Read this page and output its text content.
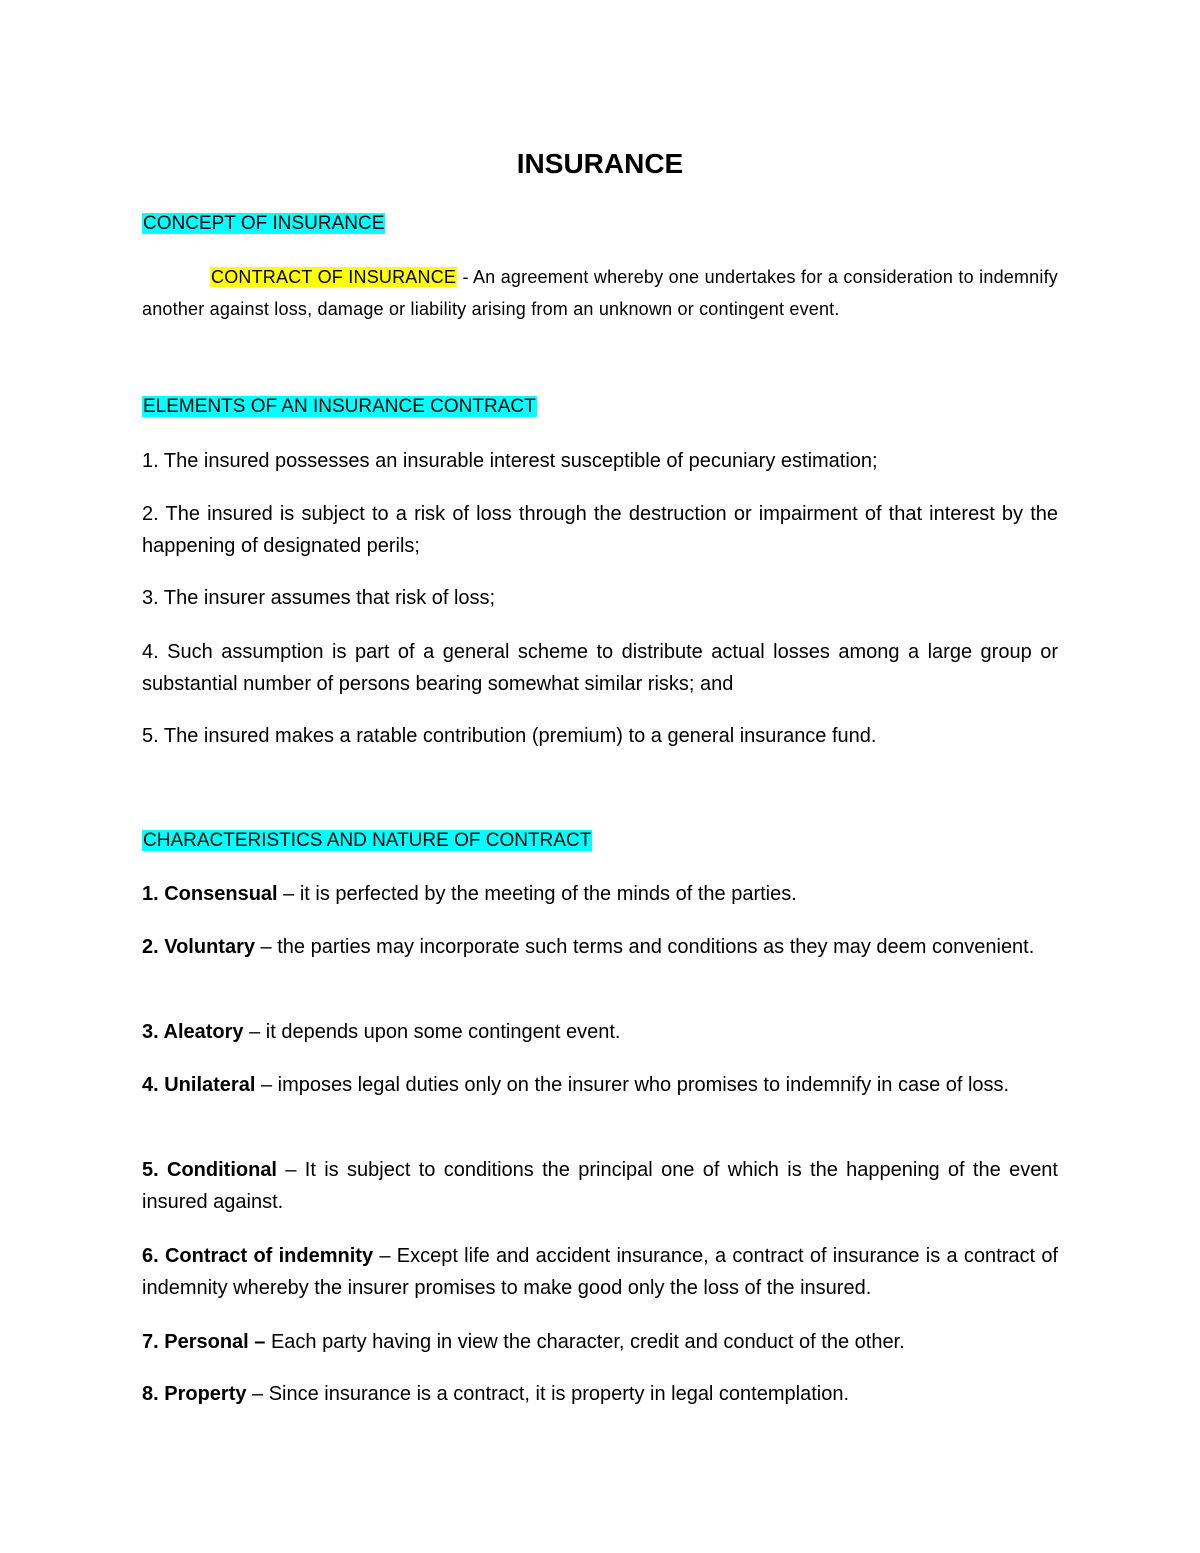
INSURANCE
CONCEPT OF INSURANCE
CONTRACT OF INSURANCE - An agreement whereby one undertakes for a consideration to indemnify another against loss, damage or liability arising from an unknown or contingent event.
ELEMENTS OF AN INSURANCE CONTRACT
1. The insured possesses an insurable interest susceptible of pecuniary estimation;
2. The insured is subject to a risk of loss through the destruction or impairment of that interest by the happening of designated perils;
3. The insurer assumes that risk of loss;
4. Such assumption is part of a general scheme to distribute actual losses among a large group or substantial number of persons bearing somewhat similar risks; and
5. The insured makes a ratable contribution (premium) to a general insurance fund.
CHARACTERISTICS AND NATURE OF CONTRACT
1. Consensual – it is perfected by the meeting of the minds of the parties.
2. Voluntary – the parties may incorporate such terms and conditions as they may deem convenient.
3. Aleatory – it depends upon some contingent event.
4. Unilateral – imposes legal duties only on the insurer who promises to indemnify in case of loss.
5. Conditional – It is subject to conditions the principal one of which is the happening of the event insured against.
6. Contract of indemnity – Except life and accident insurance, a contract of insurance is a contract of indemnity whereby the insurer promises to make good only the loss of the insured.
7. Personal – Each party having in view the character, credit and conduct of the other.
8. Property – Since insurance is a contract, it is property in legal contemplation.
